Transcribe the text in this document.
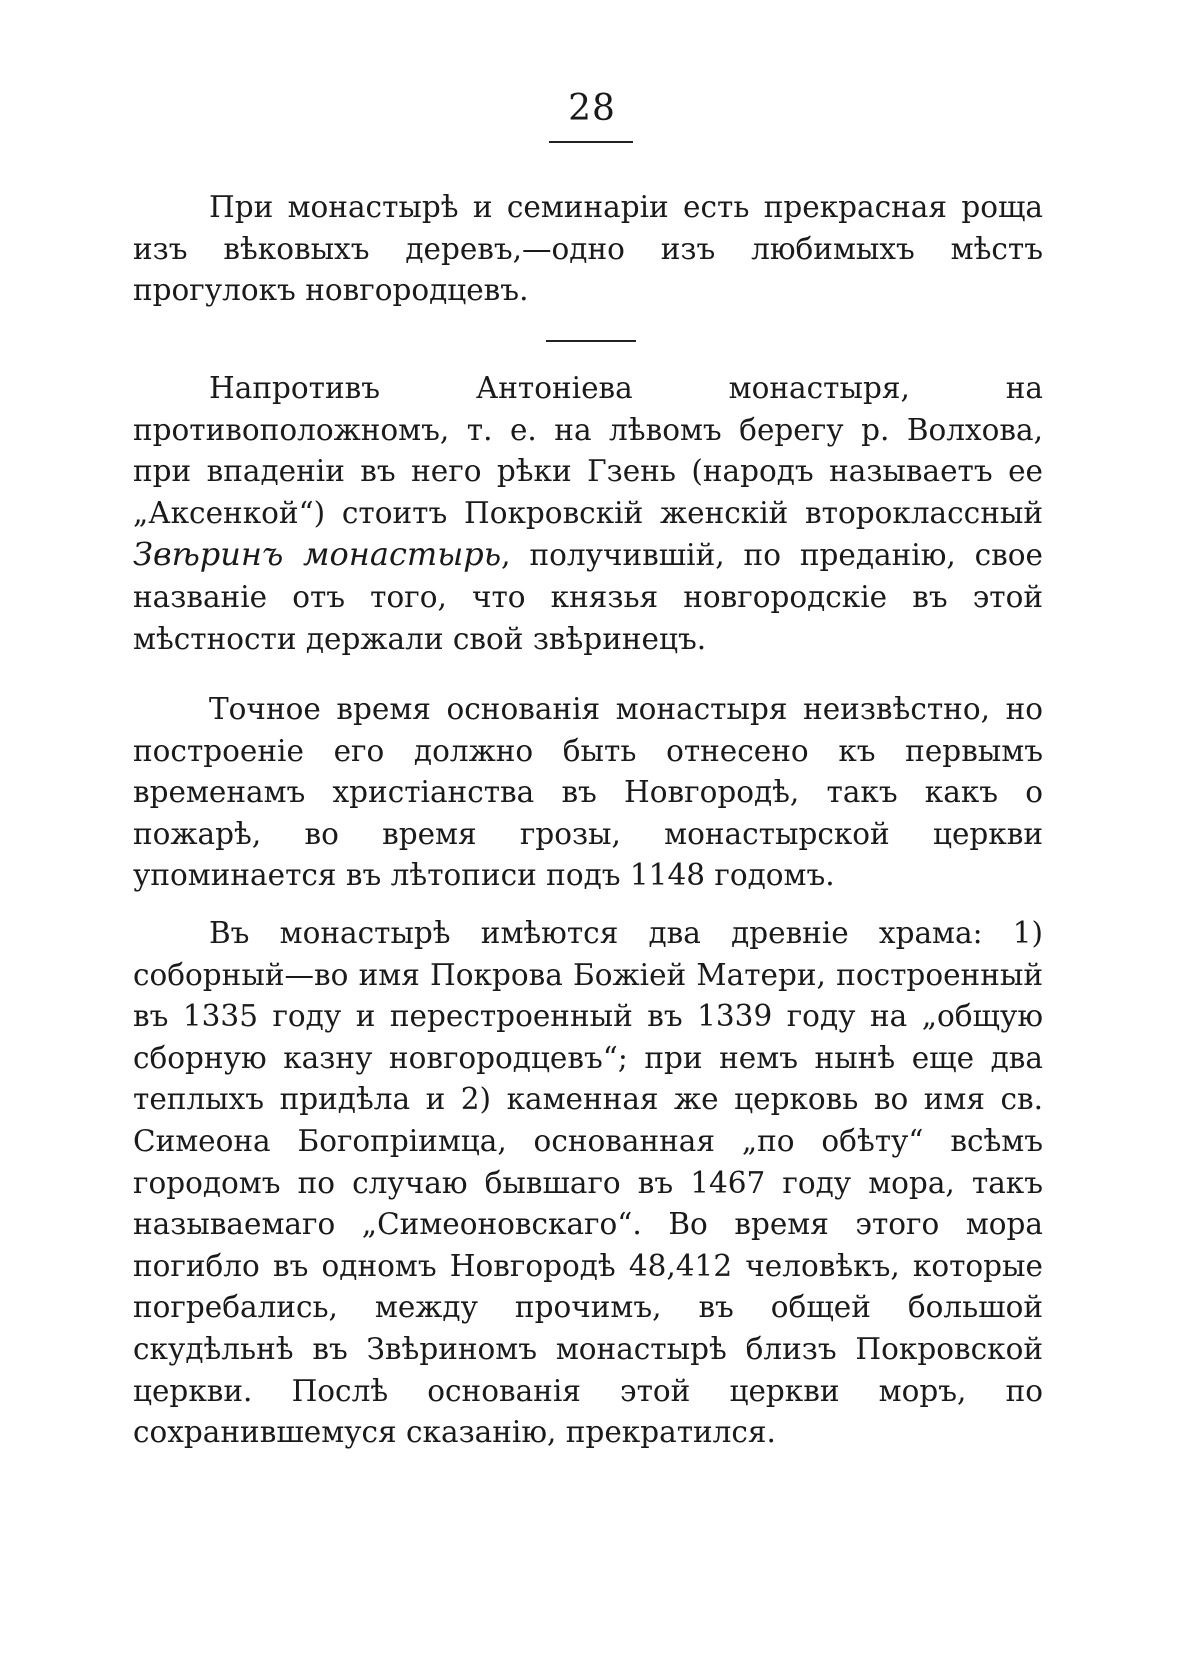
28

При монастырѣ и семинаріи есть прекрасная роща изъ вѣковыхъ деревъ,—одно изъ любимыхъ мѣстъ прогулокъ новгородцевъ.

Напротивъ Антоніева монастыря, на противоположномъ, т. е. на лѣвомъ берегу р. Волхова, при впаденіи въ него рѣки Гзень (народъ называетъ ее „Аксенкой“) стоитъ Покровскій женскій второклассный Звѣринъ монастырь, получившій, по преданію, свое названіе отъ того, что князья новгородскіе въ этой мѣстности держали свой звѣринецъ.

Точное время основанія монастыря неизвѣстно, но построеніе его должно быть отнесено къ первымъ временамъ христіанства въ Новгородѣ, такъ какъ о пожарѣ, во время грозы, монастырской церкви упоминается въ лѣтописи подъ 1148 годомъ.

Въ монастырѣ имѣются два древніе храма: 1) соборный—во имя Покрова Божіей Матери, построенный въ 1335 году и перестроенный въ 1339 году на „общую сборную казну новгородцевъ“; при немъ нынѣ еще два теплыхъ придѣла и 2) каменная же церковь во имя св. Симеона Богопріимца, основанная „по обѣту“ всѣмъ городомъ по случаю бывшаго въ 1467 году мора, такъ называемаго „Симеоновскаго“. Во время этого мора погибло въ одномъ Новгородѣ 48,412 человѣкъ, которые погребались, между прочимъ, въ общей большой скудѣльнѣ въ Звѣриномъ монастырѣ близъ Покровской церкви. Послѣ основанія этой церкви моръ, по сохранившемуся сказанію, прекратился.
